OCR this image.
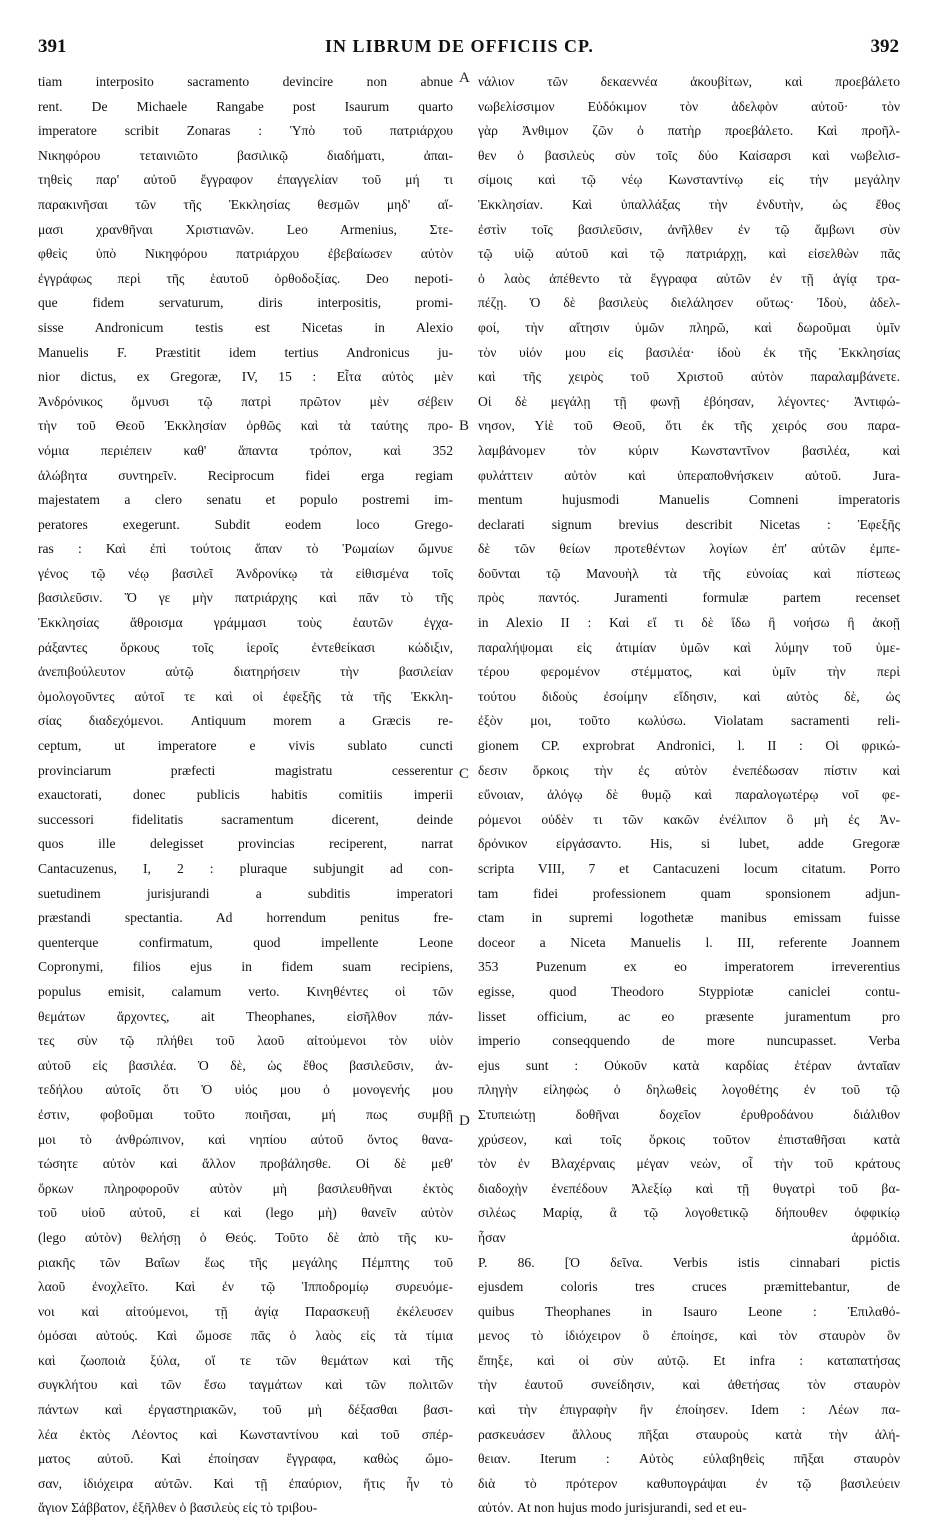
391	IN LIBRUM DE OFFICIIS CP.	392
tiam interposito sacramento devincire non abnue
rent. De Michaele Rangabe post Isaurum quarto
imperatore scribit Zonaras : Ὑπὸ τοῦ πατριάρχου
Νικηφόρου τεταινιῶτο βασιλικῷ διαδήματι, ἀπαι-
τηθεὶς παρ' αὐτοῦ ἔγγραφον ἐπαγγελίαν τοῦ μή τι
παρακινῆσαι τῶν τῆς Ἐκκλησίας θεσμῶν μηδ' αἵ-
μασι χρανθῆναι Χριστιανῶν. Leo Armenius, Στε-
φθεὶς ὑπὸ Νικηφόρου πατριάρχου ἐβεβαίωσεν αὐτὸν
ἐγγράφως περὶ τῆς ἑαυτοῦ ὀρθοδοξίας. Deo nepoti-
que fidem servaturum, diris interpositis, promi-
sisse Andronicum testis est Nicetas in Alexio
Manuelis F. Præstitit idem tertius Andronicus ju-
nior dictus, ex Gregoræ, IV, 15 : Εἶτα αὐτὸς μὲν
Ἀνδρόνικος ὄμνυσι τῷ πατρὶ πρῶτον μὲν σέβειν
τὴν τοῦ Θεοῦ Ἐκκλησίαν ὀρθῶς καὶ τὰ ταύτης προ-
νόμια περιέπειν καθ' ἅπαντα τρόπον, καὶ 352
ἀλώβητα συντηρεῖν. Reciprocum fidei erga regiam
majestatem a clero senatu et populo postremi im-
peratores exegerunt. Subdit eodem loco Grego-
ras : Καὶ ἐπὶ τούτοις ἅπαν τὸ Ῥωμαίων ὤμνυε
γένος τῷ νέῳ βασιλεῖ Ἀνδρονίκῳ τὰ εἰθισμένα τοῖς
βασιλεῦσιν. Ὅ γε μὴν πατριάρχης καὶ πᾶν τὸ τῆς
Ἐκκλησίας ἄθροισμα γράμμασι τοὺς ἑαυτῶν ἐγχα-
ράξαντες ὅρκους τοῖς ἱεροῖς ἐντεθείκασι κώδιξιν,
ἀνεπιβούλευτον αὐτῷ διατηρήσειν τὴν βασιλείαν
ὁμολογοῦντες αὐτοῖ τε καὶ οἱ ἐφεξῆς τὰ τῆς Ἐκκλη-
σίας διαδεχόμενοι. Antiquum morem a Græcis re-
ceptum, ut imperatore e vivis sublato cuncti
provinciarum præfecti magistratu cesserentur
exauctorati, donec publicis habitis comitiis imperii
successori fidelitatis sacramentum dicerent, deinde
quos ille delegisset provincias reciperent, narrat
Cantacuzenus, I, 2 : pluraque subjungit ad con-
suetudinem jurisjurandi a subditis imperatori
præstandi spectantia. Ad horrendum penitus fre-
quenterque confirmatum, quod impellente Leone
Copronymi, filios ejus in fidem suam recipiens,
populus emisit, calamum verto. Κινηθέντες οἱ τῶν
θεμάτων ἄρχοντες, ait Theophanes, εἰσῆλθον πάν-
τες σὺν τῷ πλήθει τοῦ λαοῦ αἰτούμενοι τὸν υἱὸν
αὐτοῦ εἰς βασιλέα. Ὁ δὲ, ὡς ἔθος βασιλεῦσιν, ἀν-
τεδήλου αὐτοῖς ὅτι Ὁ υἱός μου ὁ μονογενής μου
ἐστιν, φοβοῦμαι τοῦτο ποιῆσαι, μή πως συμβῇ
μοι τὸ ἀνθρώπινον, καὶ νηπίου αὐτοῦ ὄντος θανα-
τώσητε αὐτὸν καὶ ἄλλον προβάλησθε. Οἱ δὲ μεθ'
ὅρκων πληροφοροῦν αὐτὸν μὴ βασιλευθῆναι ἐκτὸς
τοῦ υἱοῦ αὐτοῦ, εἰ καὶ (lego μὴ) θανεῖν αὐτὸν
(lego αὐτὸν) θελήσῃ ὁ Θεός. Τοῦτο δὲ ἀπὸ τῆς κυ-
ριακῆς τῶν Βαΐων ἕως τῆς μεγάλης Πέμπτης τοῦ
λαοῦ ἐνοχλεῖτο. Καὶ ἐν τῷ Ἱπποδρομίῳ συρευόμε-
νοι καὶ αἰτούμενοι, τῇ ἁγίᾳ Παρασκευῇ ἐκέλευσεν
ὀμόσαι αὐτούς. Καὶ ὤμοσε πᾶς ὁ λαὸς εἰς τὰ τίμια
καὶ ζωοποιὰ ξύλα, οἵ τε τῶν θεμάτων καὶ τῆς
συγκλήτου καὶ τῶν ἔσω ταγμάτων καὶ τῶν πολιτῶν
πάντων καὶ ἐργαστηριακῶν, τοῦ μὴ δέξασθαι βασι-
λέα ἐκτὸς Λέοντος καὶ Κωνσταντίνου καὶ τοῦ σπέρ-
ματος αὐτοῦ. Καὶ ἐποίησαν ἔγγραφα, καθὼς ὤμο-
σαν, ἰδιόχειρα αὐτῶν. Καὶ τῇ ἐπαύριον, ἥτις ἦν τὸ
ἅγιον Σάββατον, ἐξῆλθεν ὁ βασιλεὺς εἰς τὸ τριβου-
νάλιον τῶν δεκαεννέα ἀκουβίτων, καὶ προεβάλετο
νωβελίσσιμον Εὐδόκιμον τὸν ἀδελφὸν αὐτοῦ· τὸν
γὰρ Ἀνθιμον ζῶν ὁ πατὴρ προεβάλετο. Καὶ προῆλ-
θεν ὁ βασιλεὺς σὺν τοῖς δύο Καίσαρσι καὶ νωβελισ-
σίμοις καὶ τῷ νέῳ Κωνσταντίνῳ εἰς τὴν μεγάλην
Ἐκκλησίαν. Καὶ ὑπαλλάξας τὴν ἐνδυτὴν, ὡς ἔθος
ἐστὶν τοῖς βασιλεῦσιν, ἀνῆλθεν ἐν τῷ ἄμβωνι σὺν
τῷ υἱῷ αὐτοῦ καὶ τῷ πατριάρχῃ, καὶ εἰσελθὼν πᾶς
ὁ λαὸς ἀπέθεντο τὰ ἔγγραφα αὐτῶν ἐν τῇ ἁγίᾳ τρα-
πέζῃ. Ὁ δὲ βασιλεὺς διελάλησεν οὕτως· Ἰδοὺ, ἀδελ-
φοί, τὴν αἴτησιν ὑμῶν πληρῶ, καὶ δωροῦμαι ὑμῖν
τὸν υἱόν μου εἰς βασιλέα· ἰδοὺ ἐκ τῆς Ἐκκλησίας
καὶ τῆς χειρὸς τοῦ Χριστοῦ αὐτὸν παραλαμβάνετε.
Οἱ δὲ μεγάλῃ τῇ φωνῇ ἐβόησαν, λέγοντες· Ἀντιφώ-
νησον, Υἱὲ τοῦ Θεοῦ, ὅτι ἐκ τῆς χειρός σου παρα-
λαμβάνομεν τὸν κύριν Κωνσταντῖνον βασιλέα, καὶ
φυλάττειν αὐτὸν καὶ ὑπεραποθνήσκειν αὐτοῦ. Jura-
mentum hujusmodi Manuelis Comneni imperatoris
declarati signum brevius describit Nicetas : Ἐφεξῆς
δὲ τῶν θείων προτεθέντων λογίων ἐπ' αὐτῶν ἐμπε-
δοῦνται τῷ Μανουὴλ τὰ τῆς εὐνοίας καὶ πίστεως
πρὸς παντός. Juramenti formulæ partem recenset
in Alexio II : Καὶ εἴ τι δὲ ἴδω ἢ νοήσω ἢ ἀκοῇ
παραλήψομαι εἰς ἀτιμίαν ὑμῶν καὶ λύμην τοῦ ὑμε-
τέρου φερομένον στέμματος, καὶ ὑμῖν τὴν περὶ
τούτου διδοὺς ἐσοίμην εἴδησιν, καὶ αὐτὸς δὲ, ὡς
ἐξὸν μοι, τοῦτο κωλύσω. Violatam sacramenti reli-
gionem CP. exprobrat Andronici, l. II : Οἱ φρικώ-
δεσιν ὅρκοις τὴν ἐς αὐτὸν ἐνεπέδωσαν πίστιν καὶ
εὔνοιαν, ἀλόγῳ δὲ θυμῷ καὶ παραλογωτέρῳ νοῖ φε-
ρόμενοι οὐδὲν τι τῶν κακῶν ἐνέλιπον ὃ μὴ ἐς Ἀν-
δρόνικον εἰργάσαντο. His, si lubet, adde Gregoræ
scripta VIII, 7 et Cantacuzeni locum citatum. Porro
tam fidei professionem quam sponsionem adjun-
ctam in supremi logothetæ manibus emissam fuisse
doceor a Niceta Manuelis l. III, referente Joannem
353 Puzenum ex eo imperatorem irreverentius
egisse, quod Theodoro Styppiotæ caniclei contu-
lisset officium, ac eo præsente juramentum pro
imperio conseqquendo de more nuncupasset. Verba
ejus sunt : Οὐκοῦν κατὰ καρδίας ἑτέραν ἀνταῖαν
πληγὴν εἰληφὼς ὁ δηλωθεὶς λογοθέτης ἐν τοῦ τῷ
Στυπειώτῃ δοθῆναι δοχεῖον ἐρυθροδάνου διάλιθον
χρύσεον, καὶ τοῖς ὅρκοις τοῦτον ἐπισταθῆσαι κατὰ
τὸν ἐν Βλαχέρναις μέγαν νεὼν, οἷ τὴν τοῦ κράτους
διαδοχὴν ἐνεπέδουν Ἀλεξίῳ καὶ τῇ θυγατρὶ τοῦ βα-
σιλέως Μαρίᾳ, ἃ τῷ λογοθετικῷ δήπουθεν ὀφφικίῳ
ἦσαν ἁρμόδια.
P. 86. [Ὁ δεῖνα. Verbis istis cinnabari pictis
ejusdem coloris tres cruces præmittebantur, de
quibus Theophanes in Isauro Leone : Ἐπιλαθό-
μενος τὸ ἰδιόχειρον ὃ ἐποίησε, καὶ τὸν σταυρὸν ὃν
ἔπηξε, καὶ οἱ σὺν αὐτῷ. Et infra : καταπατήσας
τὴν ἑαυτοῦ συνείδησιν, καὶ ἀθετήσας τὸν σταυρὸν
καὶ τὴν ἐπιγραφὴν ἣν ἐποίησεν. Idem : Λέων πα-
ρασκευάσεν ἄλλους πῆξαι σταυροὺς κατὰ τὴν ἀλή-
θειαν. Iterum : Αὐτὸς εὐλαβηθεὶς πῆξαι σταυρὸν
διὰ τὸ πρότερον καθυπογράψαι ἐν τῷ βασιλεύειν
αὐτόν. At non hujus modo jurisjurandi, sed et eu-
A
B
C
D
